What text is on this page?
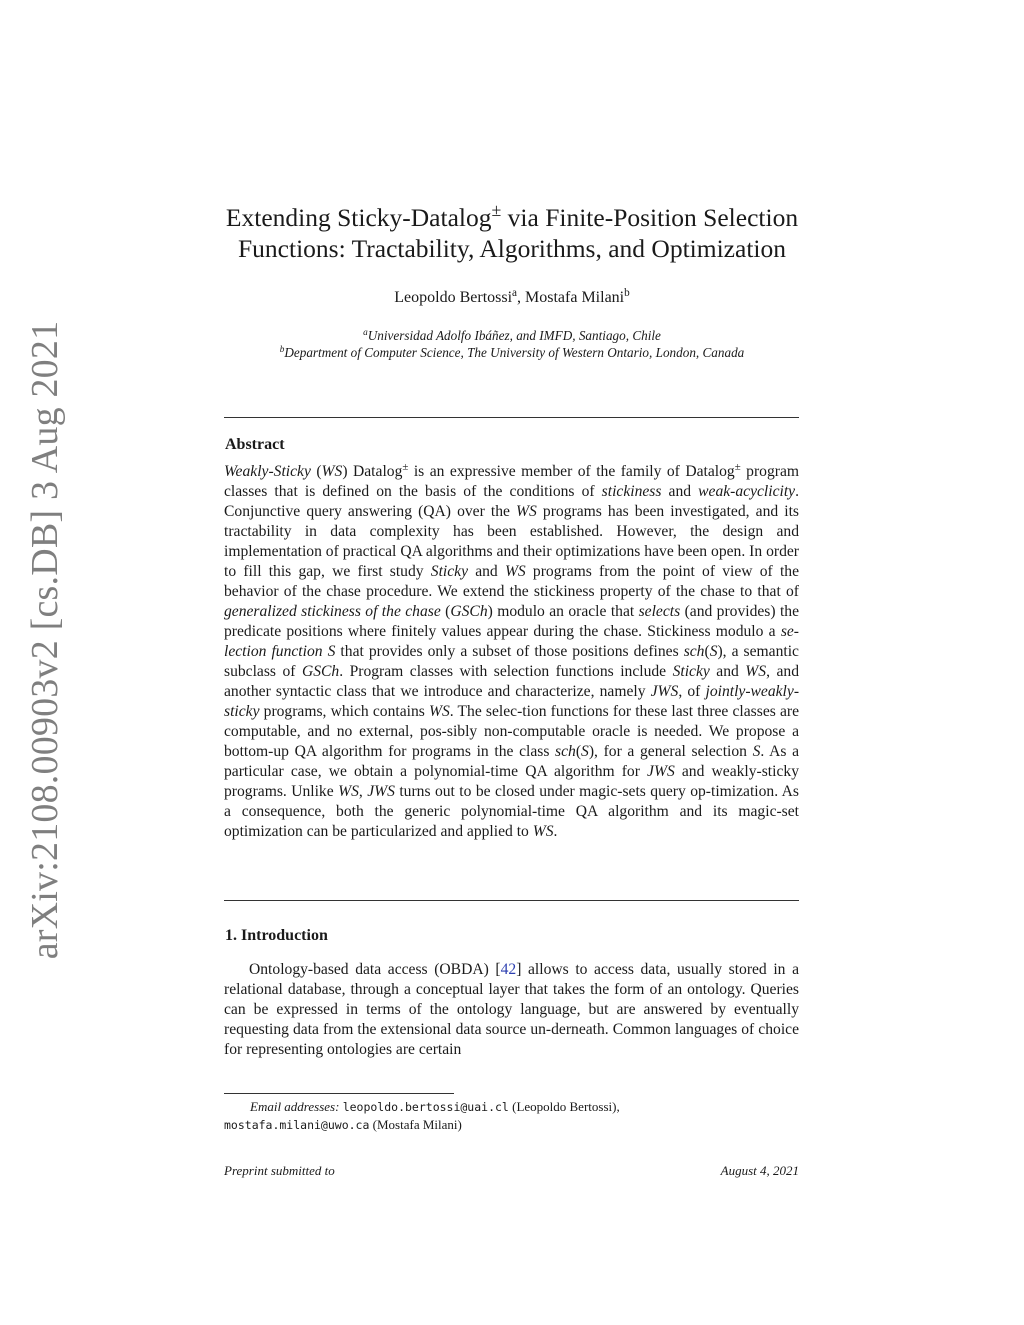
arXiv:2108.00903v2 [cs.DB] 3 Aug 2021
Extending Sticky-Datalog± via Finite-Position Selection
Functions: Tractability, Algorithms, and Optimization
Leopoldo Bertossi$^a$, Mostafa Milani$^b$
$^a$Universidad Adolfo Ibáñez, and IMFD, Santiago, Chile
$^b$Department of Computer Science, The University of Western Ontario, London, Canada
Abstract
Weakly-Sticky (WS) Datalog± is an expressive member of the family of Datalog± program classes that is defined on the basis of the conditions of stickiness and weak-acyclicity. Conjunctive query answering (QA) over the WS programs has been investigated, and its tractability in data complexity has been established. However, the design and implementation of practical QA algorithms and their optimizations have been open. In order to fill this gap, we first study Sticky and WS programs from the point of view of the behavior of the chase procedure. We extend the stickiness property of the chase to that of generalized stickiness of the chase (GSCh) modulo an oracle that selects (and provides) the predicate positions where finitely values appear during the chase. Stickiness modulo a se-lection function S that provides only a subset of those positions defines sch(S), a semantic subclass of GSCh. Program classes with selection functions include Sticky and WS, and another syntactic class that we introduce and characterize, namely JWS, of jointly-weakly-sticky programs, which contains WS. The selec-tion functions for these last three classes are computable, and no external, pos-sibly non-computable oracle is needed. We propose a bottom-up QA algorithm for programs in the class sch(S), for a general selection S. As a particular case, we obtain a polynomial-time QA algorithm for JWS and weakly-sticky programs. Unlike WS, JWS turns out to be closed under magic-sets query op-timization. As a consequence, both the generic polynomial-time QA algorithm and its magic-set optimization can be particularized and applied to WS.
1. Introduction
Ontology-based data access (OBDA) [42] allows to access data, usually stored in a relational database, through a conceptual layer that takes the form of an ontology. Queries can be expressed in terms of the ontology language, but are answered by eventually requesting data from the extensional data source un-derneath. Common languages of choice for representing ontologies are certain
Email addresses: leopoldo.bertossi@uai.cl (Leopoldo Bertossi),
mostafa.milani@uwo.ca (Mostafa Milani)
Preprint submitted to	August 4, 2021
